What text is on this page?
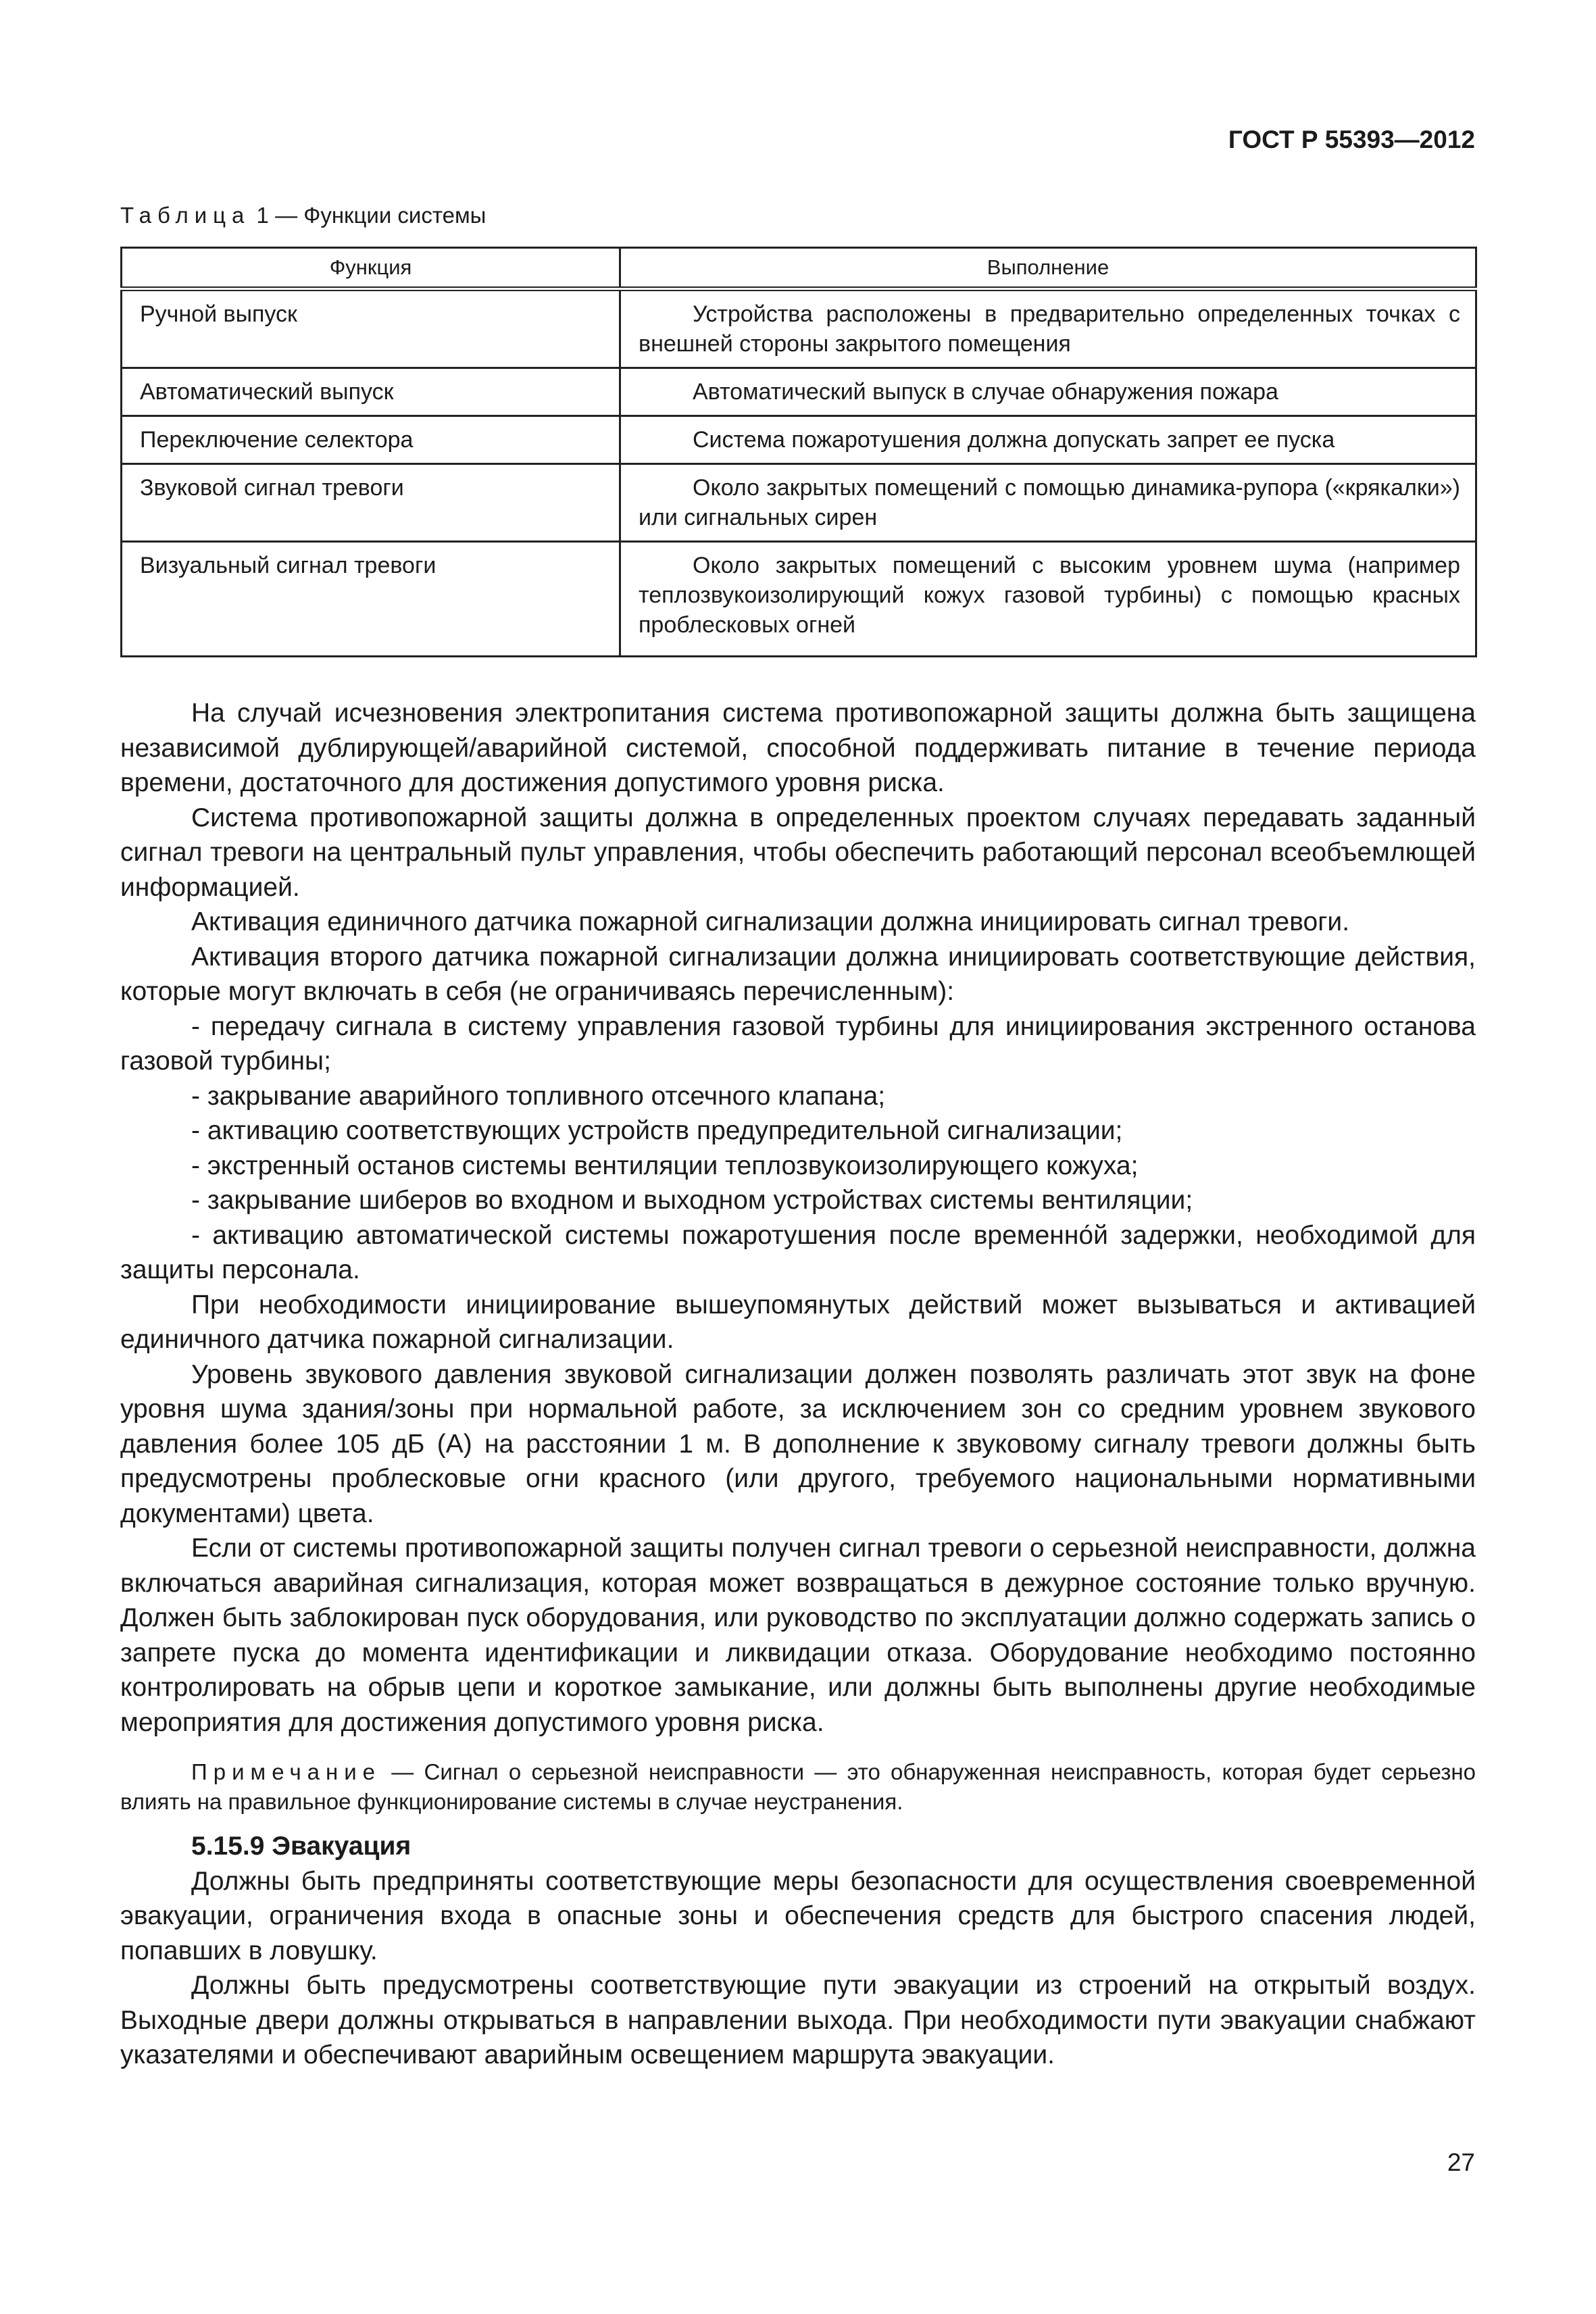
ГОСТ Р 55393—2012
Таблица 1 — Функции системы
Функция	Выполнение
Ручной выпуск	Устройства расположены в предварительно определенных точках с внешней стороны закрытого помещения
Автоматический выпуск	Автоматический выпуск в случае обнаружения пожара
Переключение селектора	Система пожаротушения должна допускать запрет ее пуска
Звуковой сигнал тревоги	Около закрытых помещений с помощью динамика-рупора («крякалки») или сигнальных сирен
Визуальный сигнал тревоги	Около закрытых помещений с высоким уровнем шума (например теплозвукоизолирующий кожух газовой турбины) с помощью красных проблесковых огней

На случай исчезновения электропитания система противопожарной защиты должна быть защищена независимой дублирующей/аварийной системой, способной поддерживать питание в течение периода времени, достаточного для достижения допустимого уровня риска.

Система противопожарной защиты должна в определенных проектом случаях передавать заданный сигнал тревоги на центральный пульт управления, чтобы обеспечить работающий персонал всеобъемлющей информацией.

Активация единичного датчика пожарной сигнализации должна инициировать сигнал тревоги.

Активация второго датчика пожарной сигнализации должна инициировать соответствующие действия, которые могут включать в себя (не ограничиваясь перечисленным):

- передачу сигнала в систему управления газовой турбины для инициирования экстренного останова газовой турбины;

- закрывание аварийного топливного отсечного клапана;

- активацию соответствующих устройств предупредительной сигнализации;

- экстренный останов системы вентиляции теплозвукоизолирующего кожуха;

- закрывание шиберов во входном и выходном устройствах системы вентиляции;

- активацию автоматической системы пожаротушения после временно́й задержки, необходимой для защиты персонала.

При необходимости инициирование вышеупомянутых действий может вызываться и активацией единичного датчика пожарной сигнализации.

Уровень звукового давления звуковой сигнализации должен позволять различать этот звук на фоне уровня шума здания/зоны при нормальной работе, за исключением зон со средним уровнем звукового давления более 105 дБ (А) на расстоянии 1 м. В дополнение к звуковому сигналу тревоги должны быть предусмотрены проблесковые огни красного (или другого, требуемого национальными нормативными документами) цвета.

Если от системы противопожарной защиты получен сигнал тревоги о серьезной неисправности, должна включаться аварийная сигнализация, которая может возвращаться в дежурное состояние только вручную. Должен быть заблокирован пуск оборудования, или руководство по эксплуатации должно содержать запись о запрете пуска до момента идентификации и ликвидации отказа. Оборудование необходимо постоянно контролировать на обрыв цепи и короткое замыкание, или должны быть выполнены другие необходимые мероприятия для достижения допустимого уровня риска.

Примечание — Сигнал о серьезной неисправности — это обнаруженная неисправность, которая будет серьезно влиять на правильное функционирование системы в случае неустранения.

5.15.9 Эвакуация

Должны быть предприняты соответствующие меры безопасности для осуществления своевременной эвакуации, ограничения входа в опасные зоны и обеспечения средств для быстрого спасения людей, попавших в ловушку.

Должны быть предусмотрены соответствующие пути эвакуации из строений на открытый воздух. Выходные двери должны открываться в направлении выхода. При необходимости пути эвакуации снабжают указателями и обеспечивают аварийным освещением маршрута эвакуации.

27
